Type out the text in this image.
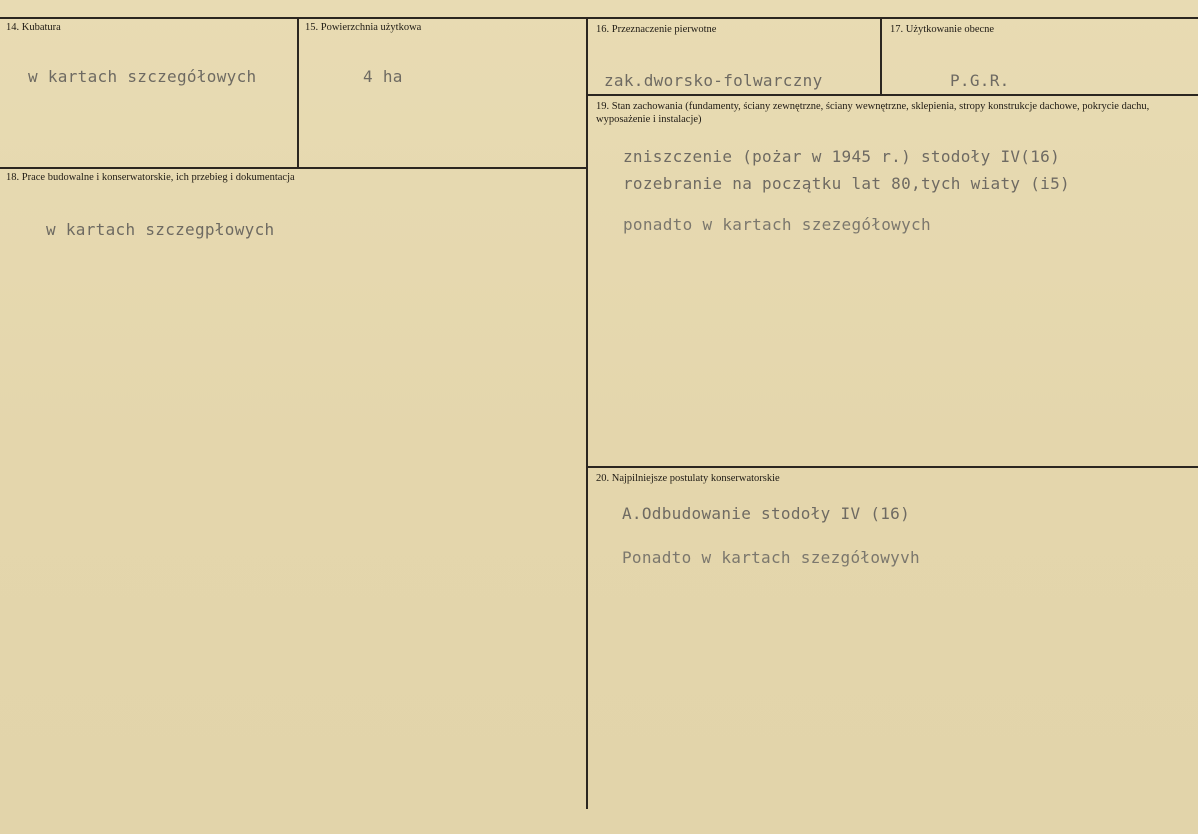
14. Kubatura
w kartach szczegółowych
15. Powierzchnia użytkowa
4 ha
16. Przeznaczenie pierwotne
zak.dworsko-folwarczny
17. Użytkowanie obecne
P.G.R.
18. Prace budowalne i konserwatorskie, ich przebieg i dokumentacja
w kartach szczegpłowych
19. Stan zachowania (fundamenty, ściany zewnętrzne, ściany wewnętrzne, sklepienia, stropy konstrukcje dachowe, pokrycie dachu, wyposażenie i instalacje)
zniszczenie (pożar w 1945 r.) stodoły IV(16)
rozebranie na początku lat 80,tych wiaty (i5)
ponadto w kartach szezegółowych
20. Najpilniejsze postulaty konserwatorskie
A.Odbudowanie stodoły IV (16)
Ponadto w kartach szezgółowyvh
